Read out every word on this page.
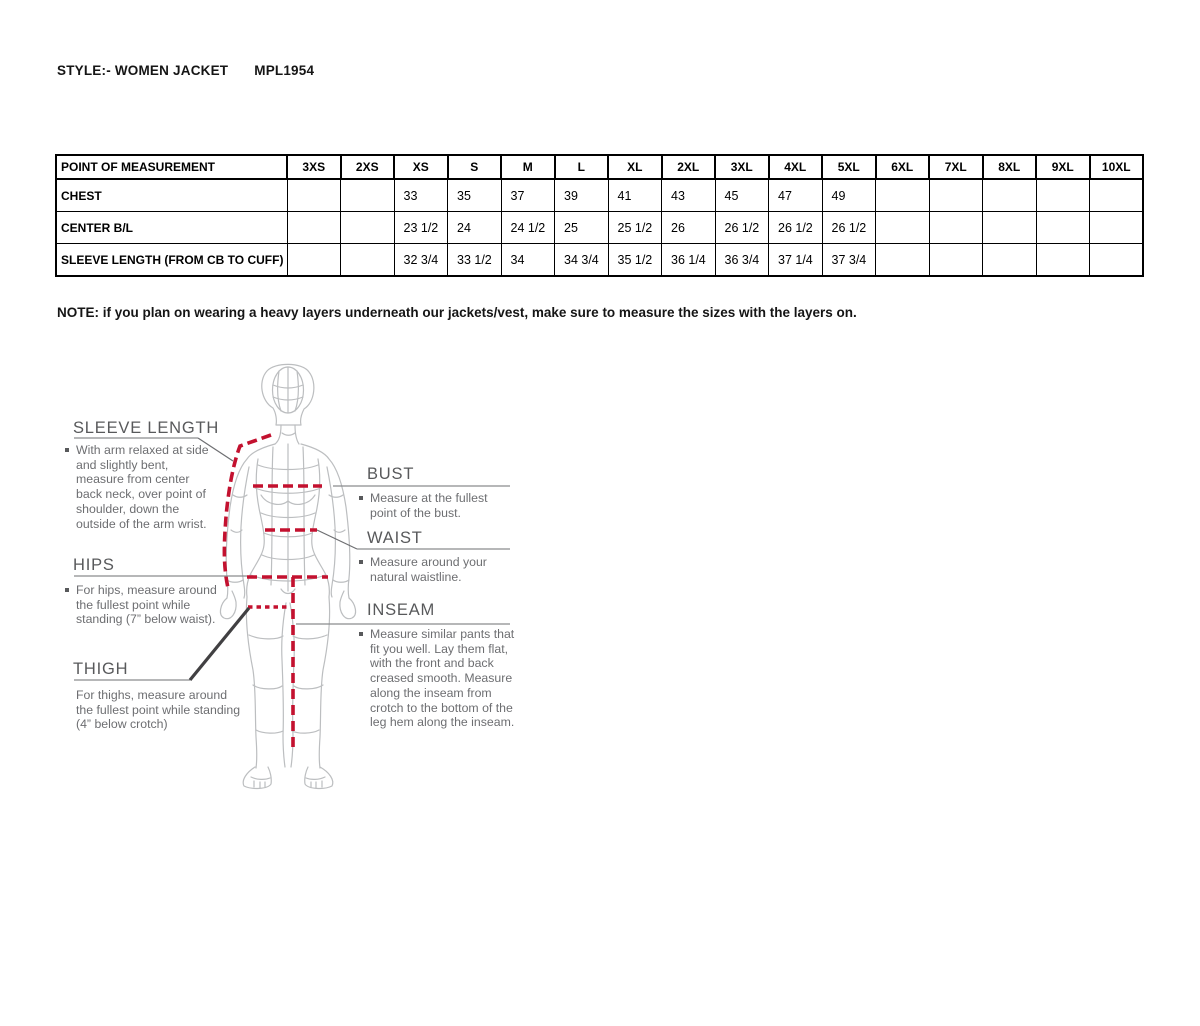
STYLE:- WOMEN JACKET MPL1954
POINT OF MEASUREMENT	3XS	2XS	XS	S	M	L	XL	2XL	3XL	4XL	5XL	6XL	7XL	8XL	9XL	10XL
CHEST			33	35	37	39	41	43	45	47	49					
CENTER B/L			23 1/2	24	24 1/2	25	25 1/2	26	26 1/2	26 1/2	26 1/2					
SLEEVE LENGTH (FROM CB TO CUFF)			32 3/4	33 1/2	34	34 3/4	35 1/2	36 1/4	36 3/4	37 1/4	37 3/4					
NOTE: if you plan on wearing a heavy layers underneath our jackets/vest, make sure to measure the sizes with the layers on.
SLEEVE LENGTH
With arm relaxed at side and slightly bent, measure from center back neck, over point of shoulder, down the outside of the arm wrist.
HIPS
For hips, measure around the fullest point while standing (7” below waist).
THIGH
For thighs, measure around the fullest point while standing (4” below crotch)
BUST
Measure at the fullest point of the bust.
WAIST
Measure around your natural waistline.
INSEAM
Measure similar pants that fit you well. Lay them flat, with the front and back creased smooth. Measure along the inseam from crotch to the bottom of the leg hem along the inseam.
